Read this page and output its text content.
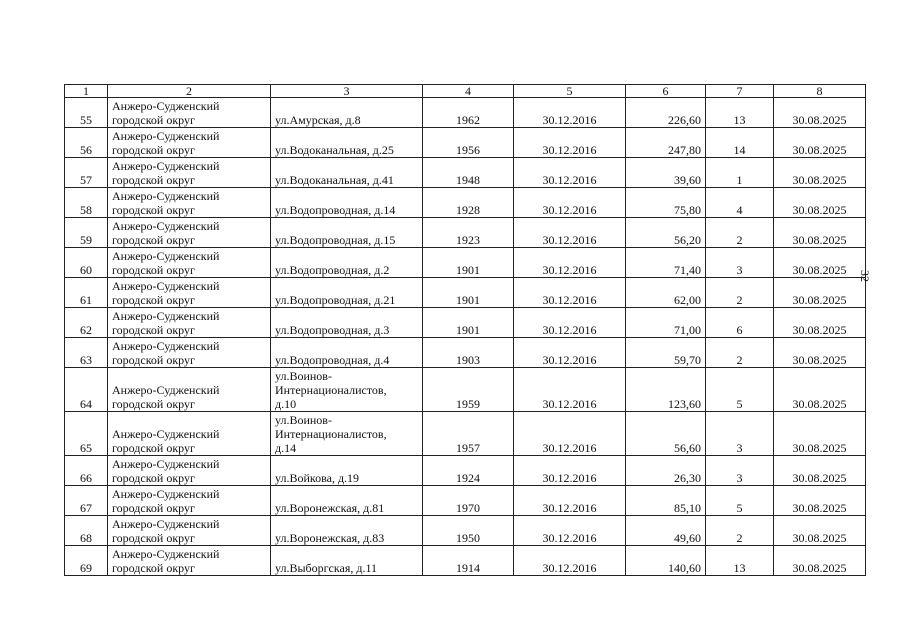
1	2	3	4	5	6	7	8

55	Анжеро-Судженский
городской округ	ул.Амурская, д.8	1962	30.12.2016	226,60	13	30.08.2025

56	Анжеро-Судженский
городской округ	ул.Водоканальная, д.25	1956	30.12.2016	247,80	14	30.08.2025

57	Анжеро-Судженский
городской округ	ул.Водоканальная, д.41	1948	30.12.2016	39,60	1	30.08.2025

58	Анжеро-Судженский
городской округ	ул.Водопроводная, д.14	1928	30.12.2016	75,80	4	30.08.2025

59	Анжеро-Судженский
городской округ	ул.Водопроводная, д.15	1923	30.12.2016	56,20	2	30.08.2025

60	Анжеро-Судженский
городской округ	ул.Водопроводная, д.2	1901	30.12.2016	71,40	3	30.08.2025

61	Анжеро-Судженский
городской округ	ул.Водопроводная, д.21	1901	30.12.2016	62,00	2	30.08.2025

62	Анжеро-Судженский
городской округ	ул.Водопроводная, д.3	1901	30.12.2016	71,00	6	30.08.2025

63	Анжеро-Судженский
городской округ	ул.Водопроводная, д.4	1903	30.12.2016	59,70	2	30.08.2025

64	Анжеро-Судженский
городской округ	ул.Воинов-
Интернационалистов,
д.10	1959	30.12.2016	123,60	5	30.08.2025

65	Анжеро-Судженский
городской округ	ул.Воинов-
Интернационалистов,
д.14	1957	30.12.2016	56,60	3	30.08.2025

66	Анжеро-Судженский
городской округ	ул.Войкова, д.19	1924	30.12.2016	26,30	3	30.08.2025

67	Анжеро-Судженский
городской округ	ул.Воронежская, д.81	1970	30.12.2016	85,10	5	30.08.2025

68	Анжеро-Судженский
городской округ	ул.Воронежская, д.83	1950	30.12.2016	49,60	2	30.08.2025

69	Анжеро-Судженский
городской округ	ул.Выборгская, д.11	1914	30.12.2016	140,60	13	30.08.2025
32
